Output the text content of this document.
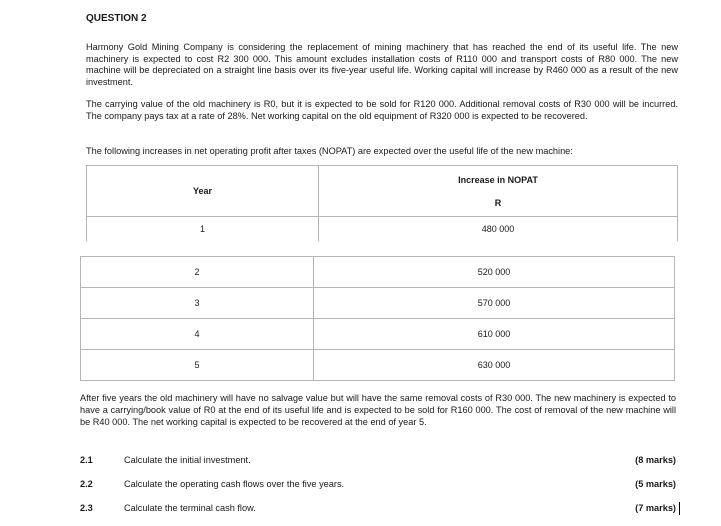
QUESTION 2

Harmony Gold Mining Company is considering the replacement of mining machinery that has reached the end of its useful life. The new machinery is expected to cost R2 300 000. This amount excludes installation costs of R110 000 and transport costs of R80 000. The new machine will be depreciated on a straight line basis over its five-year useful life. Working capital will increase by R460 000 as a result of the new investment.

The carrying value of the old machinery is R0, but it is expected to be sold for R120 000. Additional removal costs of R30 000 will be incurred. The company pays tax at a rate of 28%. Net working capital on the old equipment of R320 000 is expected to be recovered.

The following increases in net operating profit after taxes (NOPAT) are expected over the useful life of the new machine:

Year	Increase in NOPAT
R

1	480 000
2	520 000
3	570 000
4	610 000
5	630 000

After five years the old machinery will have no salvage value but will have the same removal costs of R30 000. The new machinery is expected to have a carrying/book value of R0 at the end of its useful life and is expected to be sold for R160 000. The cost of removal of the new machine will be R40 000. The net working capital is expected to be recovered at the end of year 5.

2.1	Calculate the initial investment.	(8 marks)
2.2	Calculate the operating cash flows over the five years.	(5 marks)
2.3	Calculate the terminal cash flow.	(7 marks)
